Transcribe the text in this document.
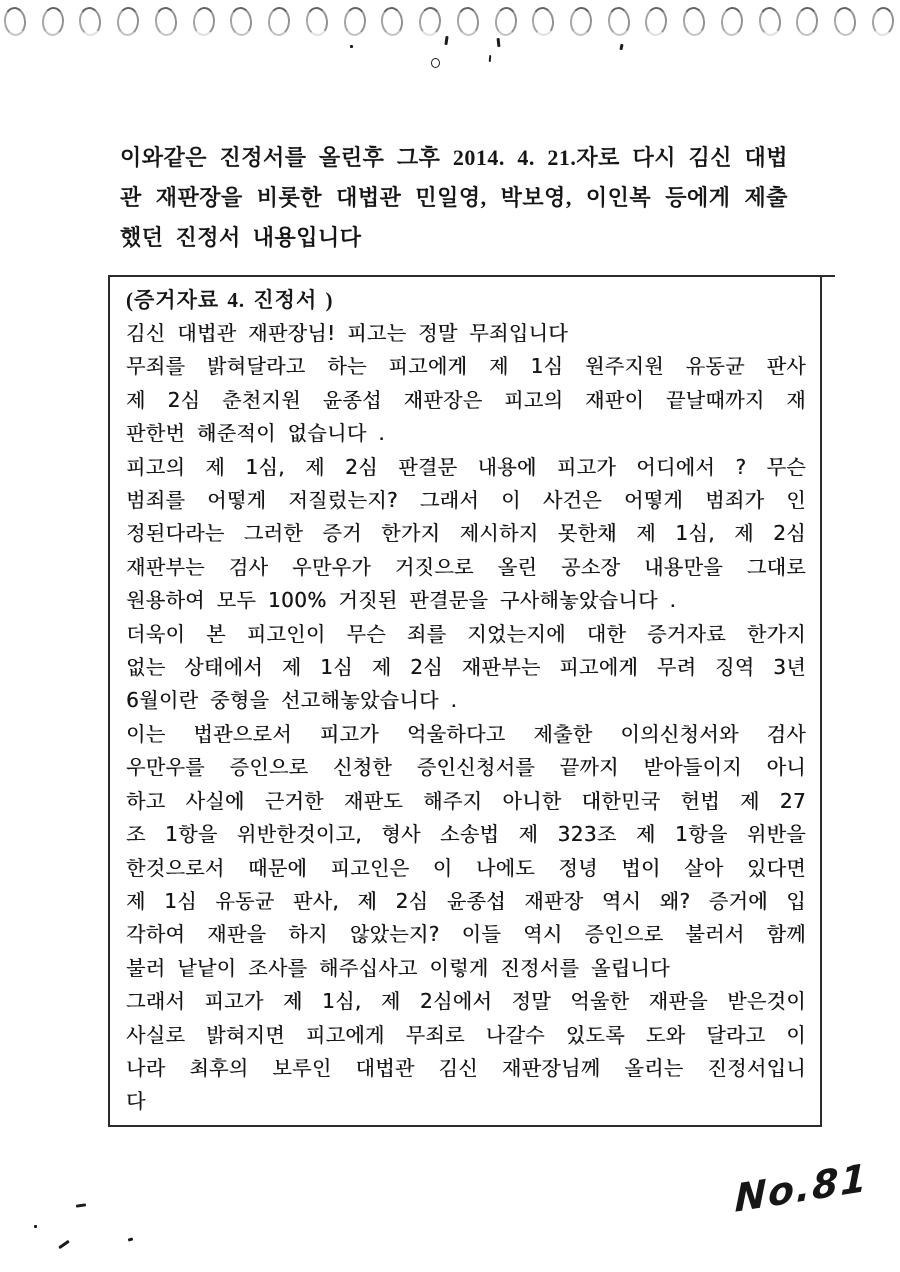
이와같은 진정서를 올린후 그후 2014. 4. 21.자로 다시 김신 대법
관 재판장을 비롯한 대법관 민일영, 박보영, 이인복 등에게 제출
했던 진정서 내용입니다
(증거자료 4. 진정서 )
김신 대법관 재판장님! 피고는 정말 무죄입니다
무죄를 밝혀달라고 하는 피고에게 제 1심 원주지원 유동균 판사
제 2심 춘천지원 윤종섭 재판장은 피고의 재판이 끝날때까지 재
판한번 해준적이 없습니다 .
피고의 제 1심, 제 2심 판결문 내용에 피고가 어디에서 ? 무슨
범죄를 어떻게 저질렀는지? 그래서 이 사건은 어떻게 범죄가 인
정된다라는 그러한 증거 한가지 제시하지 못한채 제 1심, 제 2심
재판부는 검사 우만우가 거짓으로 올린 공소장 내용만을 그대로
원용하여 모두 100% 거짓된 판결문을 구사해놓았습니다 .
더욱이 본 피고인이 무슨 죄를 지었는지에 대한 증거자료 한가지
없는 상태에서 제 1심 제 2심 재판부는 피고에게 무려 징역 3년
6월이란 중형을 선고해놓았습니다 .
이는 법관으로서 피고가 억울하다고 제출한 이의신청서와 검사
우만우를 증인으로 신청한 증인신청서를 끝까지 받아들이지 아니
하고 사실에 근거한 재판도 해주지 아니한 대한민국 헌법 제 27
조 1항을 위반한것이고, 형사 소송법 제 323조 제 1항을 위반을
한것으로서 때문에 피고인은 이 나에도 정녕 법이 살아 있다면
제 1심 유동균 판사, 제 2심 윤종섭 재판장 역시 왜? 증거에 입
각하여 재판을 하지 않았는지? 이들 역시 증인으로 불러서 함께
불러 낱낱이 조사를 해주십사고 이렇게 진정서를 올립니다
그래서 피고가 제 1심, 제 2심에서 정말 억울한 재판을 받은것이
사실로 밝혀지면 피고에게 무죄로 나갈수 있도록 도와 달라고 이
나라 최후의 보루인 대법관 김신 재판장님께 올리는 진정서입니
다
No.81
